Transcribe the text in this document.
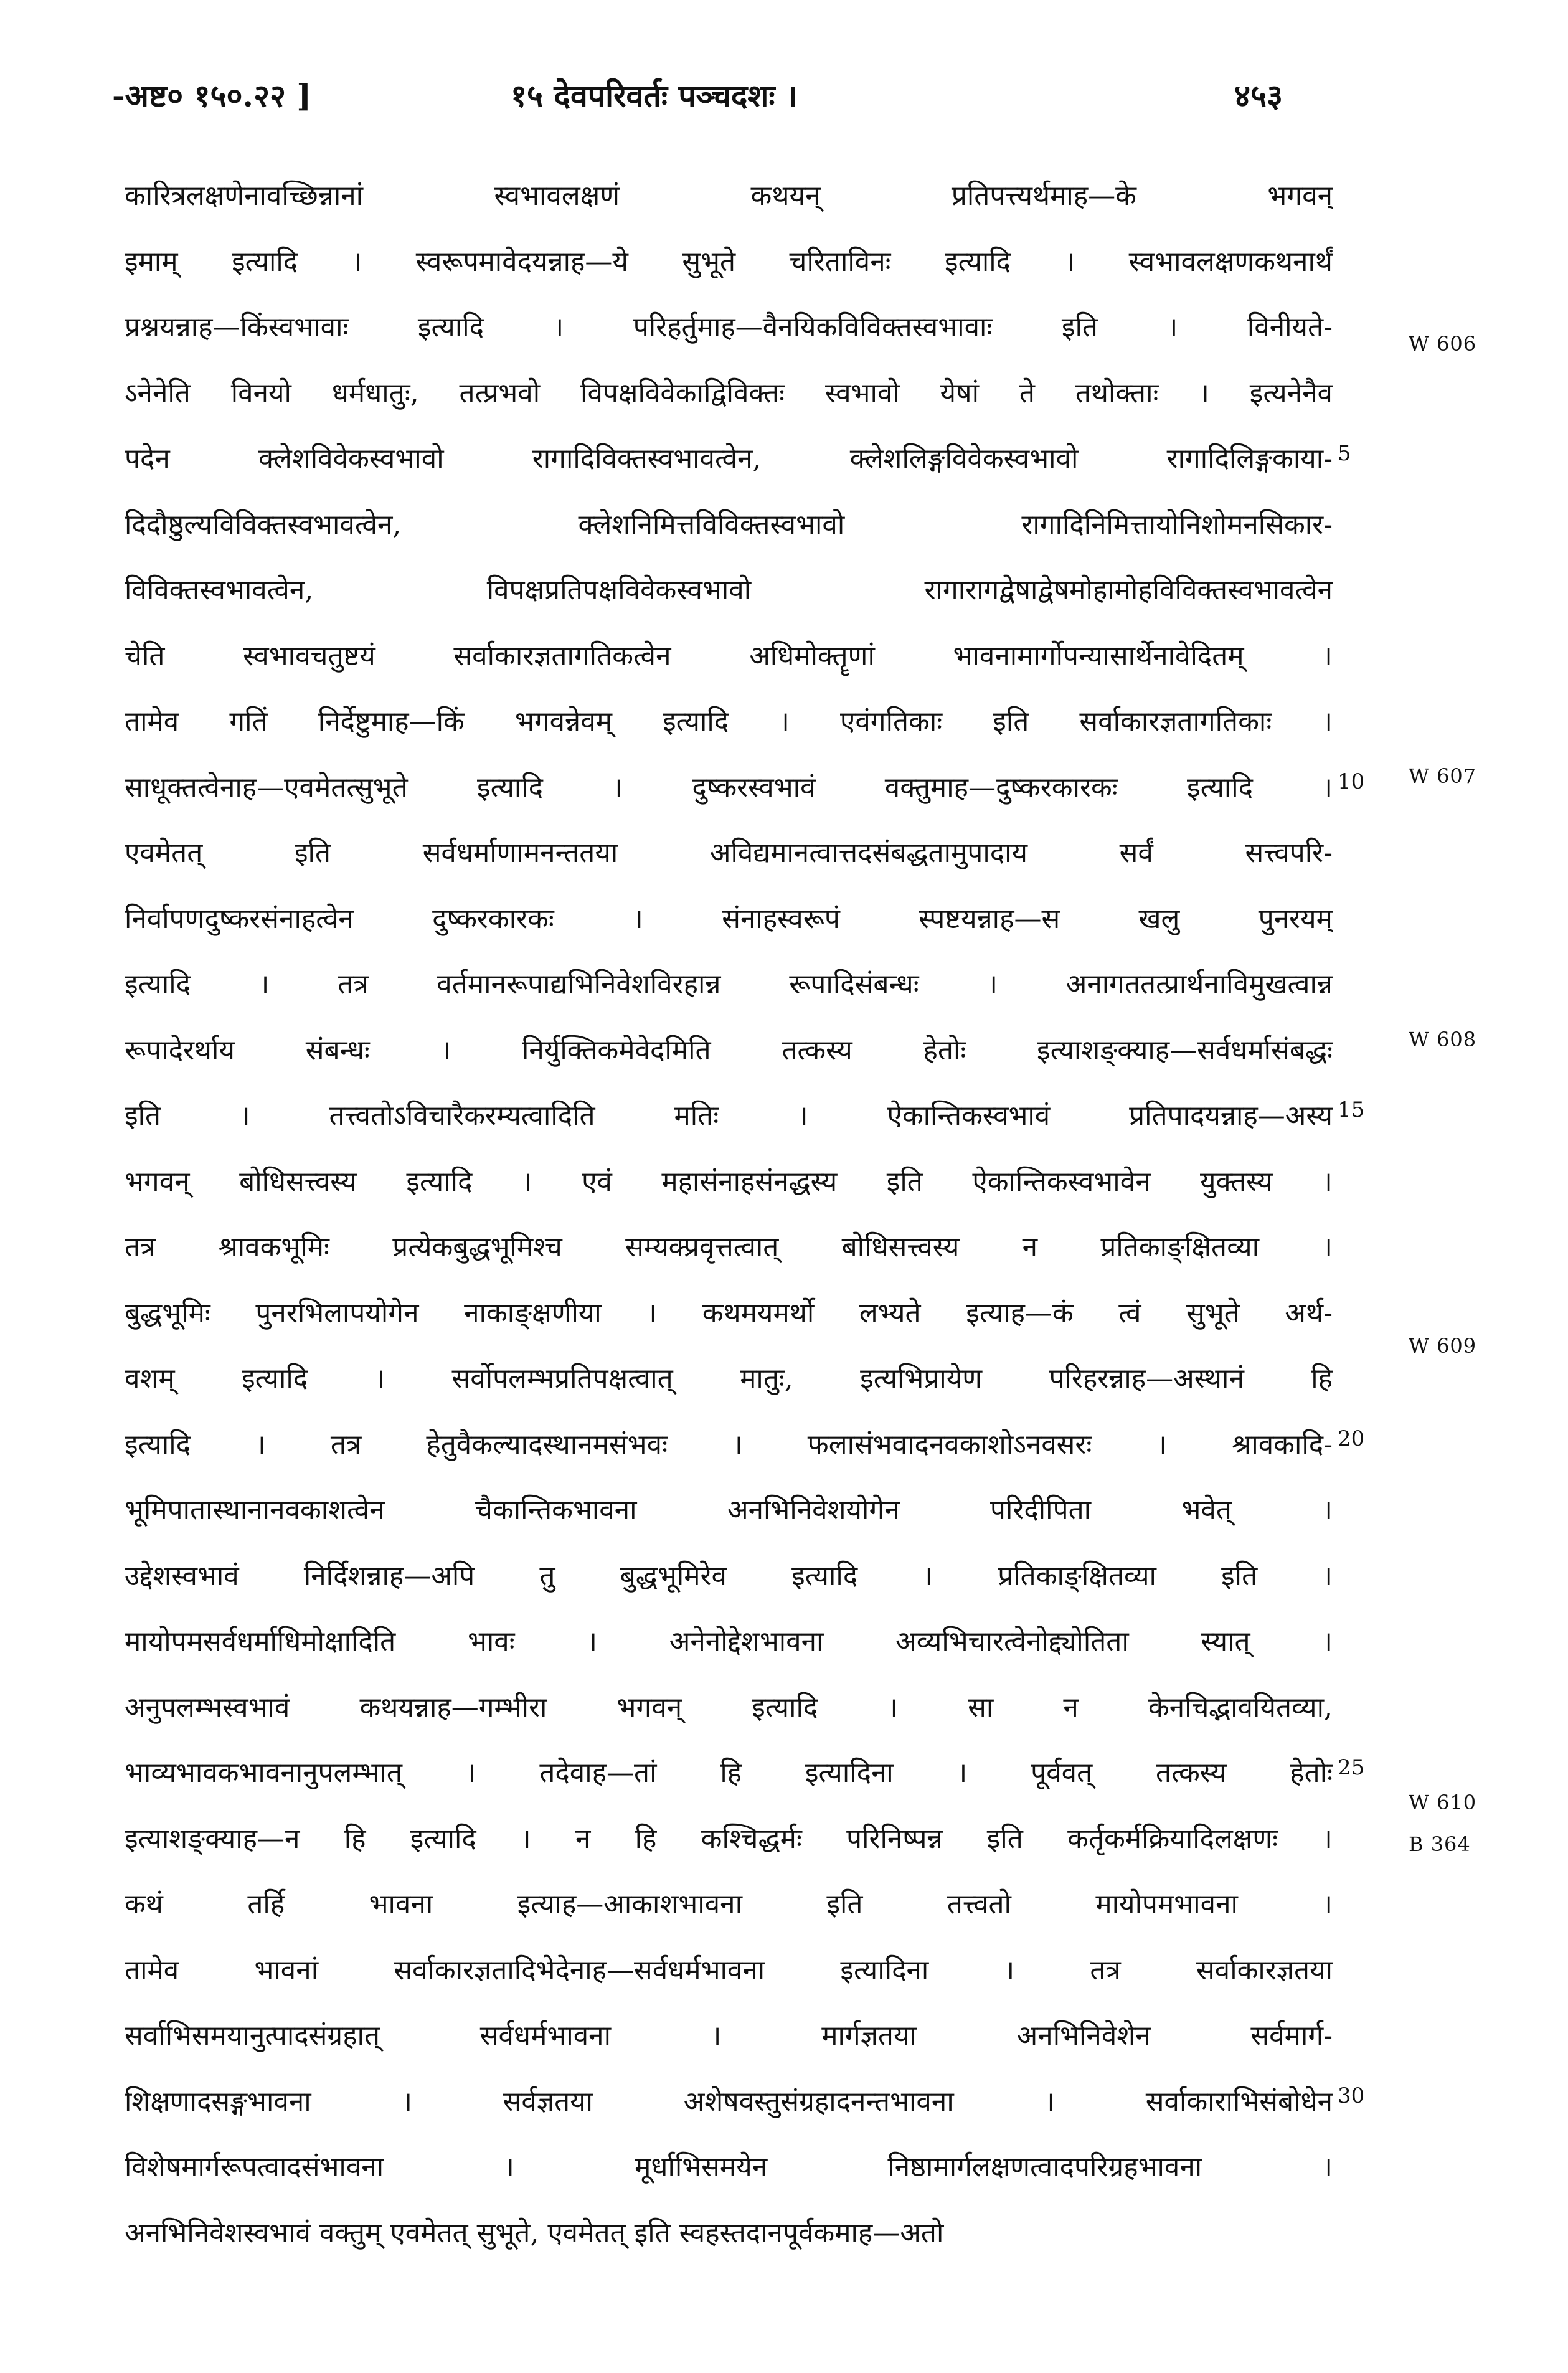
-अष्ट० १५०.२२ ]	१५ देवपरिवर्तः पञ्चदशः ।	४५३
कारित्रलक्षणेनावच्छिन्नानां स्वभावलक्षणं कथयन् प्रतिपत्त्यर्थमाह—के भगवन्
इमाम् इत्यादि । स्वरूपमावेदयन्नाह—ये सुभूते चरिताविनः इत्यादि । स्वभावलक्षणकथनार्थं
प्रश्नयन्नाह—किंस्वभावाः इत्यादि । परिहर्तुमाह—वैनयिकविविक्तस्वभावाः इति । विनीयते-
ऽनेनेति विनयो धर्मधातुः, तत्प्रभवो विपक्षविवेकाद्विविक्तः स्वभावो येषां ते तथोक्ताः । इत्यनेनैव
पदेन क्लेशविवेकस्वभावो रागादिविक्तस्वभावत्वेन, क्लेशलिङ्गविवेकस्वभावो रागादिलिङ्गकाया-
दिदौष्ठुल्यविविक्तस्वभावत्वेन, क्लेशनिमित्तविविक्तस्वभावो रागादिनिमित्तायोनिशोमनसिकार-
विविक्तस्वभावत्वेन, विपक्षप्रतिपक्षविवेकस्वभावो रागारागद्वेषाद्वेषमोहामोहविविक्तस्वभावत्वेन
चेति स्वभावचतुष्टयं सर्वाकारज्ञतागतिकत्वेन अधिमोक्तॄणां भावनामार्गोपन्यासार्थेनावेदितम् ।
तामेव गतिं निर्देष्टुमाह—किं भगवन्नेवम् इत्यादि । एवंगतिकाः इति सर्वाकारज्ञतागतिकाः ।
साधूक्तत्वेनाह—एवमेतत्सुभूते इत्यादि । दुष्करस्वभावं वक्तुमाह—दुष्करकारकः इत्यादि ।
एवमेतत् इति सर्वधर्माणामनन्ततया अविद्यमानत्वात्तदसंबद्धतामुपादाय सर्वं सत्त्वपरि-
निर्वापणदुष्करसंनाहत्वेन दुष्करकारकः । संनाहस्वरूपं स्पष्टयन्नाह—स खलु पुनरयम्
इत्यादि । तत्र वर्तमानरूपाद्यभिनिवेशविरहान्न रूपादिसंबन्धः । अनागततत्प्रार्थनाविमुखत्वान्न
रूपादेरर्थाय संबन्धः । निर्युक्तिकमेवेदमिति तत्कस्य हेतोः इत्याशङ्क्याह—सर्वधर्मासंबद्धः
इति । तत्त्वतोऽविचारैकरम्यत्वादिति मतिः । ऐकान्तिकस्वभावं प्रतिपादयन्नाह—अस्य
भगवन् बोधिसत्त्वस्य इत्यादि । एवं महासंनाहसंनद्धस्य इति ऐकान्तिकस्वभावेन युक्तस्य ।
तत्र श्रावकभूमिः प्रत्येकबुद्धभूमिश्च सम्यक्प्रवृत्तत्वात् बोधिसत्त्वस्य न प्रतिकाङ्क्षितव्या ।
बुद्धभूमिः पुनरभिलापयोगेन नाकाङ्क्षणीया । कथमयमर्थो लभ्यते इत्याह—कं त्वं सुभूते अर्थ-
वशम् इत्यादि । सर्वोपलम्भप्रतिपक्षत्वात् मातुः, इत्यभिप्रायेण परिहरन्नाह—अस्थानं हि
इत्यादि । तत्र हेतुवैकल्यादस्थानमसंभवः । फलासंभवादनवकाशोऽनवसरः । श्रावकादि-
भूमिपातास्थानानवकाशत्वेन चैकान्तिकभावना अनभिनिवेशयोगेन परिदीपिता भवेत् ।
उद्देशस्वभावं निर्दिशन्नाह—अपि तु बुद्धभूमिरेव इत्यादि । प्रतिकाङ्क्षितव्या इति ।
मायोपमसर्वधर्माधिमोक्षादिति भावः । अनेनोद्देशभावना अव्यभिचारत्वेनोद्द्योतिता स्यात् ।
अनुपलम्भस्वभावं कथयन्नाह—गम्भीरा भगवन् इत्यादि । सा न केनचिद्भावयितव्या,
भाव्यभावकभावनानुपलम्भात् । तदेवाह—तां हि इत्यादिना । पूर्ववत् तत्कस्य हेतोः
इत्याशङ्क्याह—न हि इत्यादि । न हि कश्चिद्धर्मः परिनिष्पन्न इति कर्तृकर्मक्रियादिलक्षणः ।
कथं तर्हि भावना इत्याह—आकाशभावना इति तत्त्वतो मायोपमभावना ।
तामेव भावनां सर्वाकारज्ञतादिभेदेनाह—सर्वधर्मभावना इत्यादिना । तत्र सर्वाकारज्ञतया
सर्वाभिसमयानुत्पादसंग्रहात् सर्वधर्मभावना । मार्गज्ञतया अनभिनिवेशेन सर्वमार्ग-
शिक्षणादसङ्गभावना । सर्वज्ञतया अशेषवस्तुसंग्रहादनन्तभावना । सर्वाकाराभिसंबोधेन
विशेषमार्गरूपत्वादसंभावना । मूर्धाभिसमयेन निष्ठामार्गलक्षणत्वादपरिग्रहभावना ।
अनभिनिवेशस्वभावं वक्तुम् एवमेतत् सुभूते, एवमेतत् इति स्वहस्तदानपूर्वकमाह—अतो
5
10
15
20
25
30
W 606
W 607
W 608
W 609
W 610
B 364
